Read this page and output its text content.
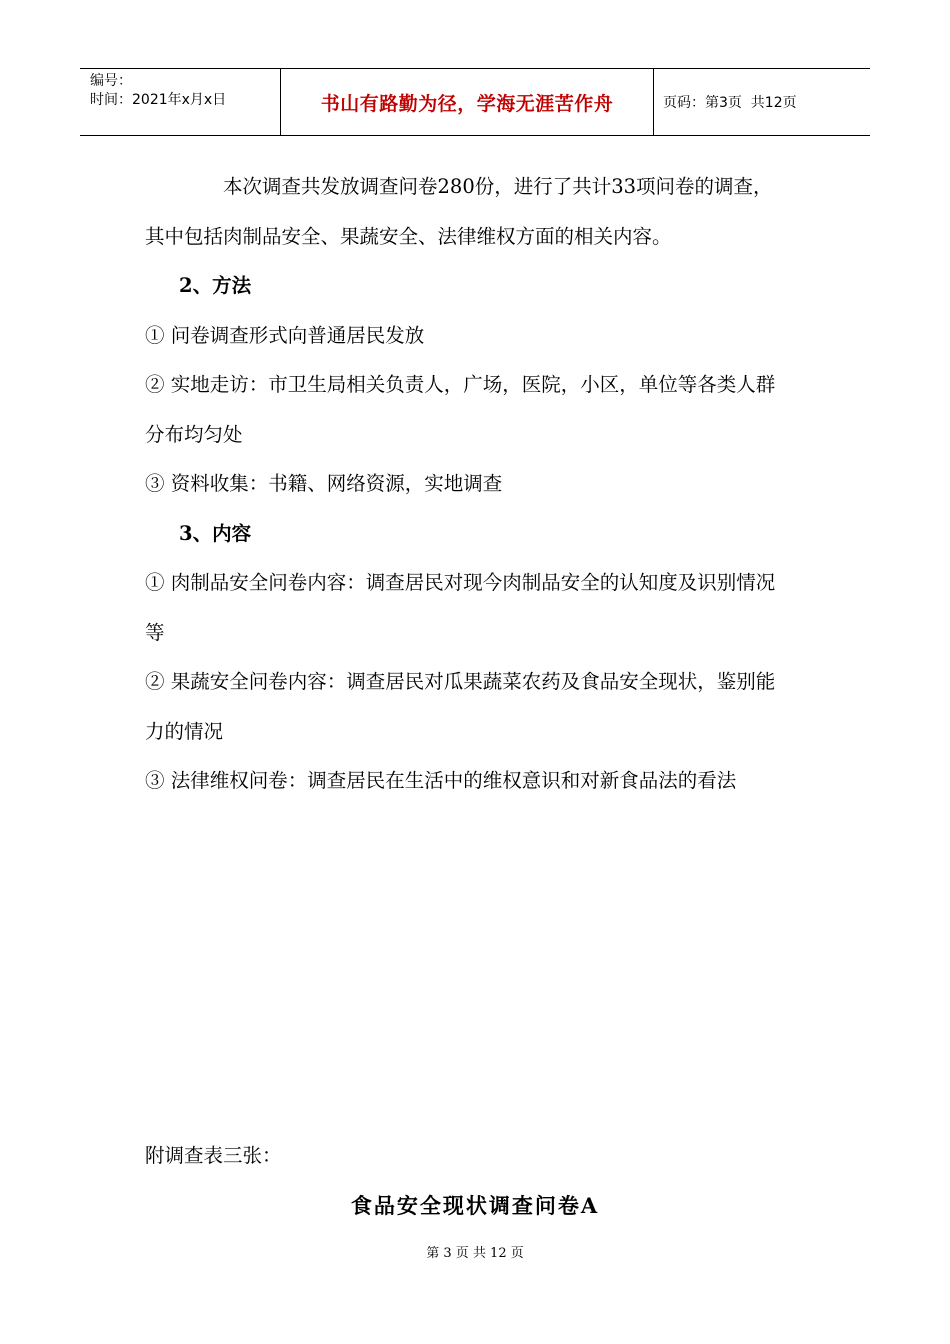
编号：
时间：2021年x月x日	书山有路勤为径，学海无涯苦作舟	页码：第3页  共12页

本次调查共发放调查问卷280份，进行了共计33项问卷的调查，

其中包括肉制品安全、果蔬安全、法律维权方面的相关内容。

2、方法

① 问卷调查形式向普通居民发放

② 实地走访：市卫生局相关负责人，广场，医院，小区，单位等各类人群

分布均匀处

③ 资料收集：书籍、网络资源，实地调查

3、内容

① 肉制品安全问卷内容：调查居民对现今肉制品安全的认知度及识别情况

等

② 果蔬安全问卷内容：调查居民对瓜果蔬菜农药及食品安全现状，鉴别能

力的情况

③ 法律维权问卷：调查居民在生活中的维权意识和对新食品法的看法

附调查表三张：
食品安全现状调查问卷A
第 3 页 共 12 页
